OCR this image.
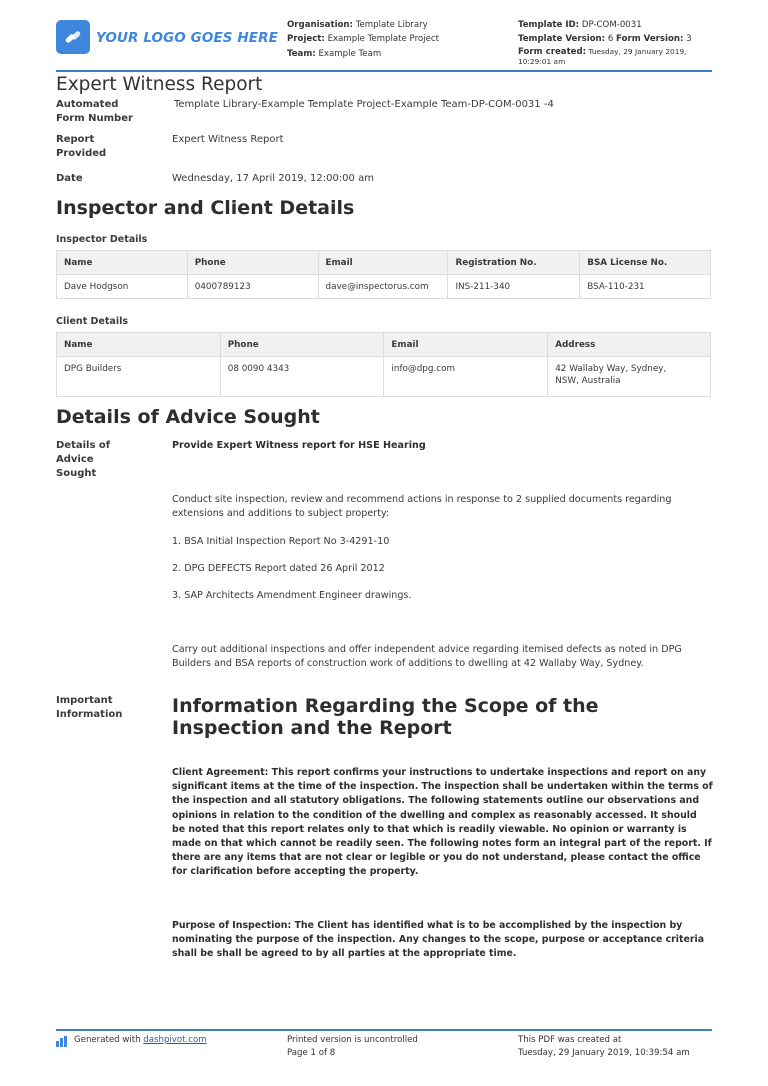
YOUR LOGO GOES HERE
Organisation: Template Library
Project: Example Template Project
Team: Example Team
Template ID: DP-COM-0031
Template Version: 6 Form Version: 3
Form created: Tuesday, 29 January 2019, 10:29:01 am
Expert Witness Report
Automated Form Number
Template Library-Example Template Project-Example Team-DP-COM-0031 -4
Report Provided
Expert Witness Report
Date	Wednesday, 17 April 2019, 12:00:00 am
Inspector and Client Details
Inspector Details
Name	Phone	Email	Registration No.	BSA License No.
Dave Hodgson	0400789123	dave@inspectorus.com	INS-211-340	BSA-110-231
Client Details
Name	Phone	Email	Address
DPG Builders	08 0090 4343	info@dpg.com	42 Wallaby Way, Sydney, NSW, Australia
Details of Advice Sought
Details of Advice Sought
Provide Expert Witness report for HSE Hearing
Conduct site inspection, review and recommend actions in response to 2 supplied documents regarding extensions and additions to subject property:
1. BSA Initial Inspection Report No 3-4291-10
2. DPG DEFECTS Report dated 26 April 2012
3. SAP Architects Amendment Engineer drawings.
Carry out additional inspections and offer independent advice regarding itemised defects as noted in DPG Builders and BSA reports of construction work of additions to dwelling at 42 Wallaby Way, Sydney.
Important Information	Information Regarding the Scope of the Inspection and the Report
Client Agreement: This report confirms your instructions to undertake inspections and report on any significant items at the time of the inspection. The inspection shall be undertaken within the terms of the inspection and all statutory obligations. The following statements outline our observations and opinions in relation to the condition of the dwelling and complex as reasonably accessed. It should be noted that this report relates only to that which is readily viewable. No opinion or warranty is made on that which cannot be readily seen. The following notes form an integral part of the report. If there are any items that are not clear or legible or you do not understand, please contact the office for clarification before accepting the property.
Purpose of Inspection: The Client has identified what is to be accomplished by the inspection by nominating the purpose of the inspection. Any changes to the scope, purpose or acceptance criteria shall be shall be agreed to by all parties at the appropriate time.
Generated with dashpivot.com	Printed version is uncontrolled
Page 1 of 8
This PDF was created at
Tuesday, 29 January 2019, 10:39:54 am
